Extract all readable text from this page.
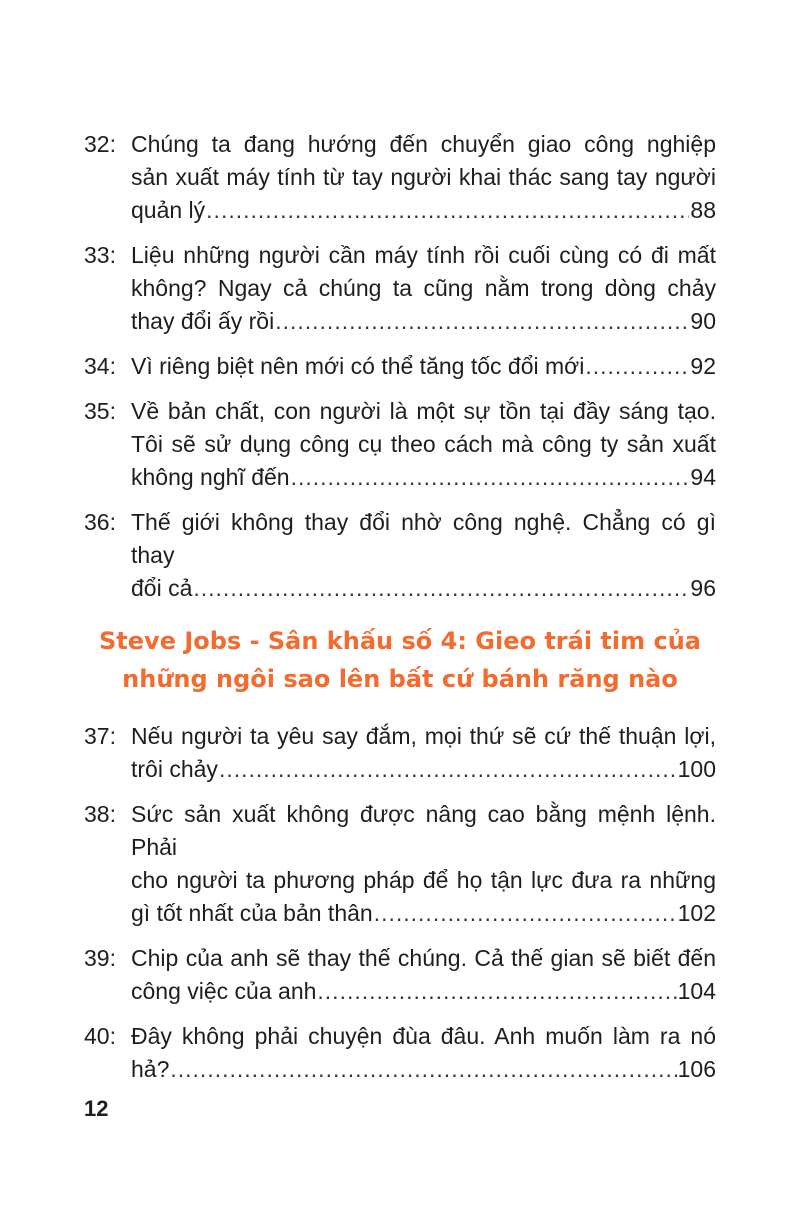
32: Chúng ta đang hướng đến chuyển giao công nghiệp
sản xuất máy tính từ tay người khai thác sang tay người
quản lý .....	88
33: Liệu những người cần máy tính rồi cuối cùng có đi mất
không? Ngay cả chúng ta cũng nằm trong dòng chảy
thay đổi ấy rồi .....	90
34: Vì riêng biệt nên mới có thể tăng tốc đổi mới .....	92
35: Về bản chất, con người là một sự tồn tại đầy sáng tạo.
Tôi sẽ sử dụng công cụ theo cách mà công ty sản xuất
không nghĩ đến .....	94
36: Thế giới không thay đổi nhờ công nghệ. Chẳng có gì thay
đổi cả .....	96
Steve Jobs - Sân khấu số 4: Gieo trái tim của
những ngôi sao lên bất cứ bánh răng nào
37: Nếu người ta yêu say đắm, mọi thứ sẽ cứ thế thuận lợi,
trôi chảy .....	100
38: Sức sản xuất không được nâng cao bằng mệnh lệnh. Phải
cho người ta phương pháp để họ tận lực đưa ra những
gì tốt nhất của bản thân .....	102
39: Chip của anh sẽ thay thế chúng. Cả thế gian sẽ biết đến
công việc của anh .....	104
40: Đây không phải chuyện đùa đâu. Anh muốn làm ra nó
hả? .....	106
12
